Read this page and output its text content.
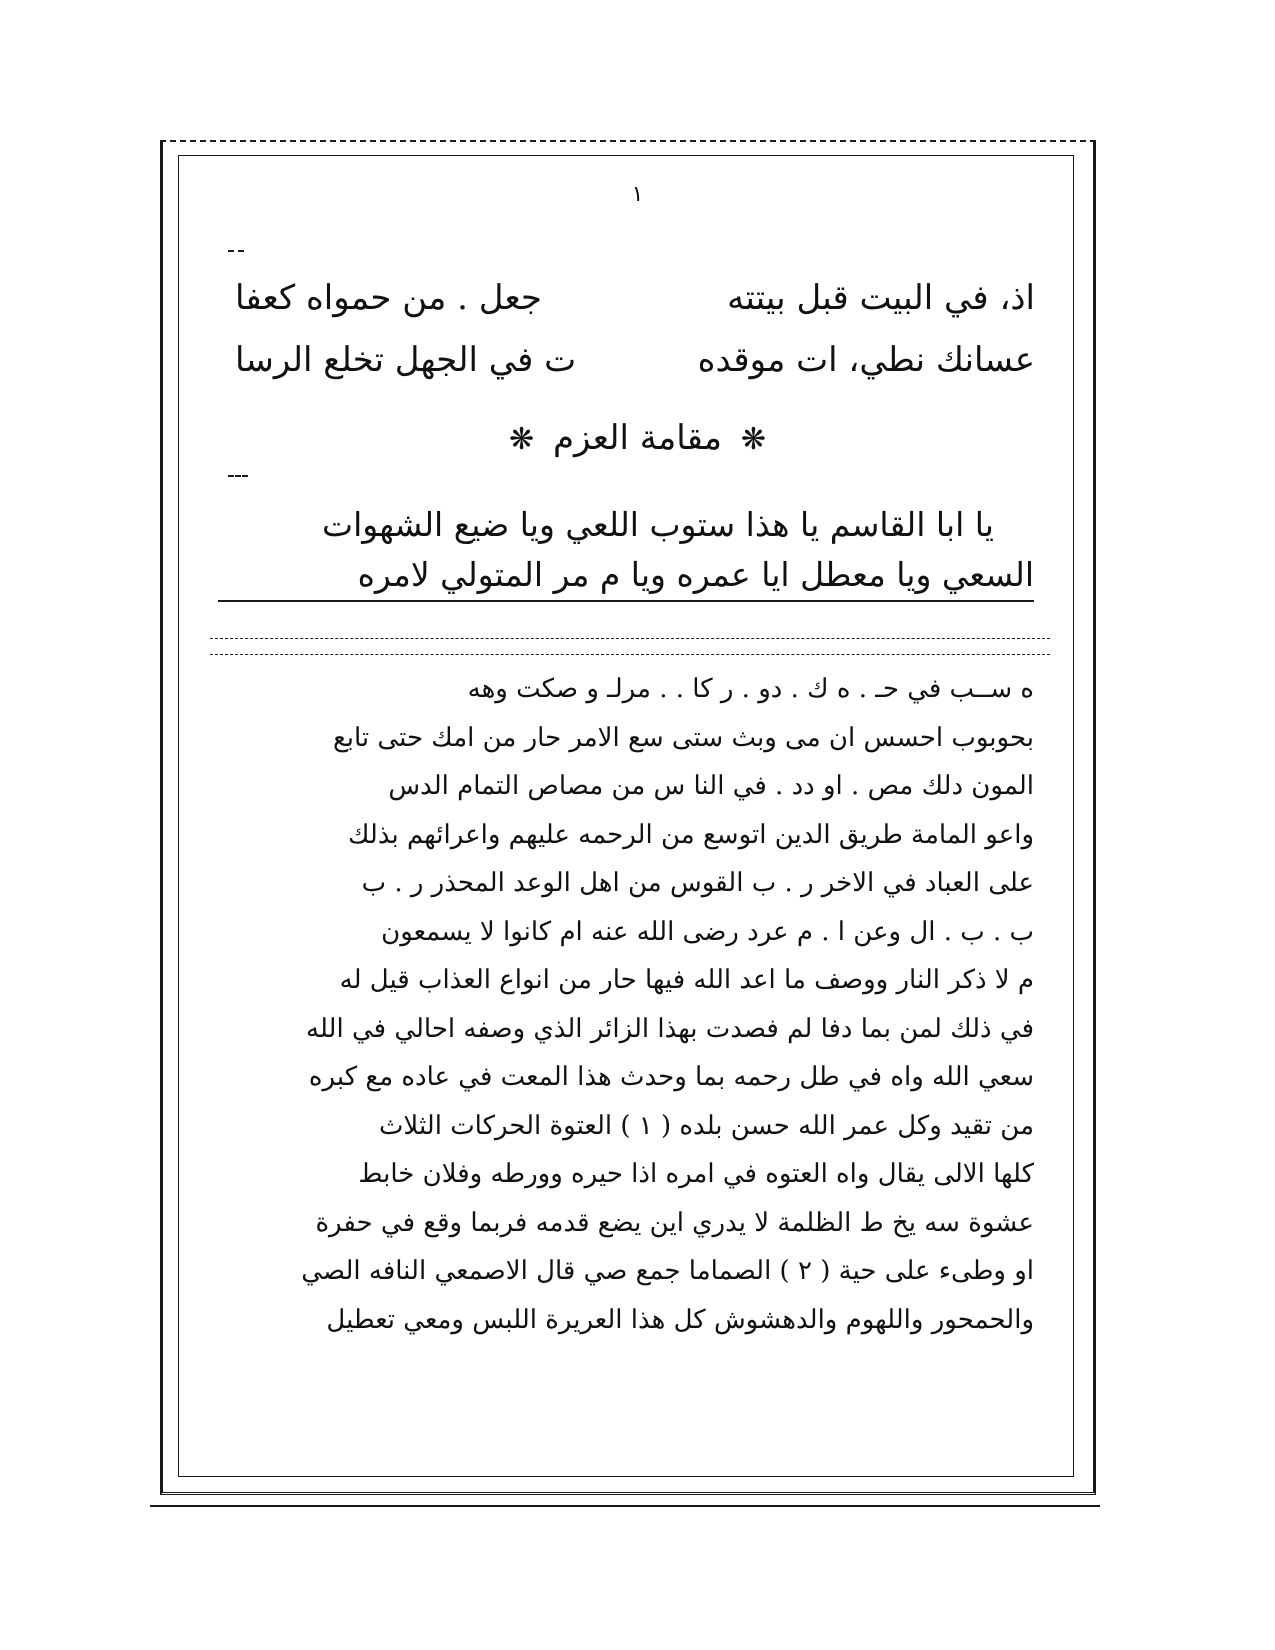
١
اذ، في البيت قبل بيتته
جعل . من حمواه كعفا
عسانك نطي، ات موقده
ت في الجهل تخلع الرسا
❋ مقامة العزم ❋
يا ابا القاسم يا هذا ستوب اللعي ويا ضيع الشهوات
السعي ويا معطل ايا عمره ويا م مر المتولي لامره
ه ســب في حـ . ه ك . دو . ر كا . . مرلـ و صكت وهه
بحوبوب احسس ان مى وبث ستى سع الامر حار من امك حتى تابع
المون دلك مص . او دد . في النا س من مصاص التمام الدس
واعو المامة طريق الدين اتوسع من الرحمه عليهم واعرائهم بذلك
على العباد في الاخر ر . ب القوس من اهل الوعد المحذر ر . ب
ب . ب . ال وعن ا . م عرد رضى الله عنه ام كانوا لا يسمعون
م لا ذكر النار ووصف ما اعد الله فيها حار من انواع العذاب قيل له
في ذلك لمن بما دفا لم فصدت بهذا الزائر الذي وصفه احالي في الله
سعي الله واه في طل رحمه بما وحدث هذا المعت في عاده مع كبره
من تقيد وكل عمر الله حسن بلده ( ١ ) العتوة الحركات الثلاث
كلها الالى يقال واه العتوه في امره اذا حيره وورطه وفلان خابط
عشوة سه يخ ط الظلمة لا يدري اين يضع قدمه فربما وقع في حفرة
او وطىء على حية ( ٢ ) الصماما جمع صي قال الاصمعي النافه الصي
والحمحور واللهوم والدهشوش كل هذا العريرة اللبس ومعي تعطيل
